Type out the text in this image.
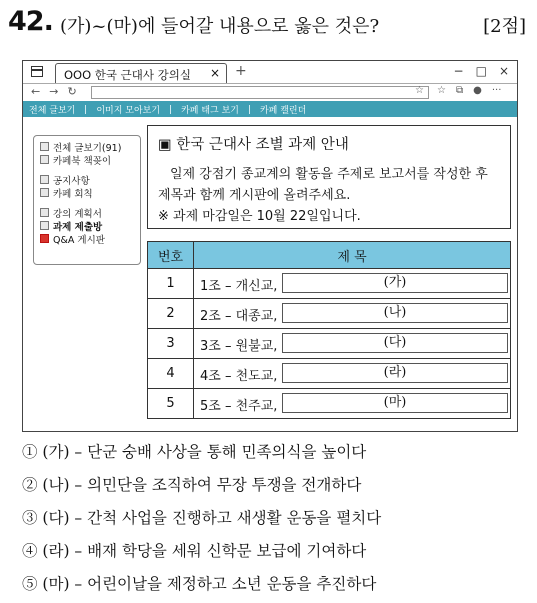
42. (가)~(마)에 들어갈 내용으로 옳은 것은?	[2점]
OOO 한국 근대사 강의실 × +	− □ ×
← → ↻	☆ ☆ ⧉ ● ···
전체 글보기	이미지 모아보기	카페 태그 보기	카페 캘린더
전체 글보기(91)
카페북 책꽂이
공지사항
카페 회칙
강의 계획서
과제 제출방
Q&A 게시판
▣ 한국 근대사 조별 과제 안내
일제 강점기 종교계의 활동을 주제로 보고서를 작성한 후
제목과 함께 게시판에 올려주세요.
※ 과제 마감일은 10월 22일입니다.
번호	제 목
1	1조 – 개신교, (가)

2	2조 – 대종교, (나)

3	3조 – 원불교, (다)

4	4조 – 천도교, (라)

5	5조 – 천주교, (마)
① (가) – 단군 숭배 사상을 통해 민족의식을 높이다
② (나) – 의민단을 조직하여 무장 투쟁을 전개하다
③ (다) – 간척 사업을 진행하고 새생활 운동을 펼치다
④ (라) – 배재 학당을 세워 신학문 보급에 기여하다
⑤ (마) – 어린이날을 제정하고 소년 운동을 추진하다
